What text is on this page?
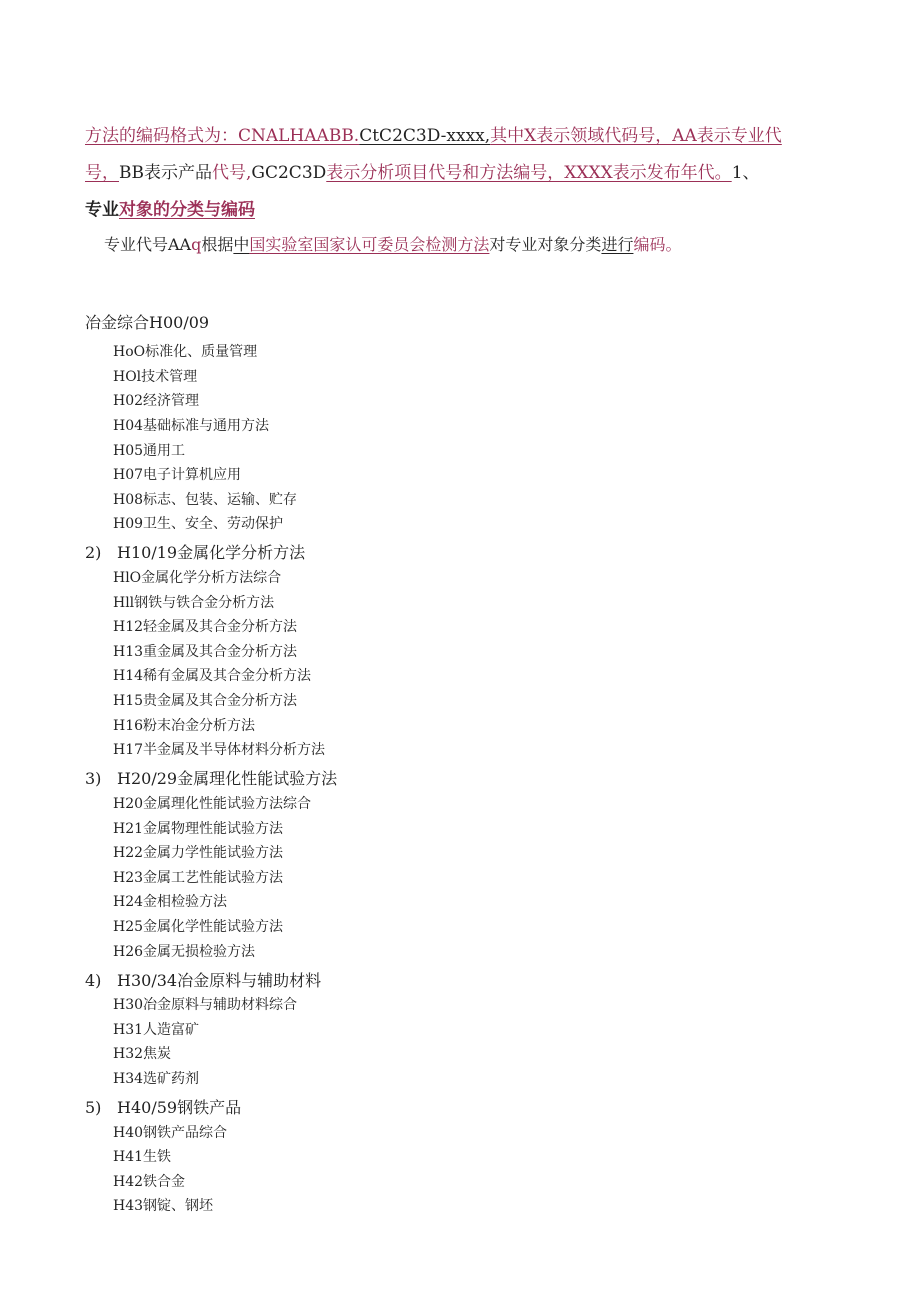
方法的编码格式为：CNALHAABB.CtC2C3D-xxxx,其中X表示领域代码号，AA表示专业代
号，BB表示产品代号,GC2C3D表示分析项目代号和方法编号，XXXX表示发布年代。1、
专业对象的分类与编码
专业代号AAq根据中国实验室国家认可委员会检测方法对专业对象分类进行编码。
冶金综合H00/09
HoO标准化、质量管理
HOl技术管理
H02经济管理
H04基础标准与通用方法
H05通用工
H07电子计算机应用
H08标志、包装、运输、贮存
H09卫生、安全、劳动保护
2) H10/19金属化学分析方法
HlO金属化学分析方法综合
Hll钢铁与铁合金分析方法
H12轻金属及其合金分析方法
H13重金属及其合金分析方法
H14稀有金属及其合金分析方法
H15贵金属及其合金分析方法
H16粉末冶金分析方法
H17半金属及半导体材料分析方法
3) H20/29金属理化性能试验方法
H20金属理化性能试验方法综合
H21金属物理性能试验方法
H22金属力学性能试验方法
H23金属工艺性能试验方法
H24金相检验方法
H25金属化学性能试验方法
H26金属无损检验方法
4) H30/34冶金原料与辅助材料
H30冶金原料与辅助材料综合
H31人造富矿
H32焦炭
H34选矿药剂
5) H40/59钢铁产品
H40钢铁产品综合
H41生铁
H42铁合金
H43钢锭、钢坯
